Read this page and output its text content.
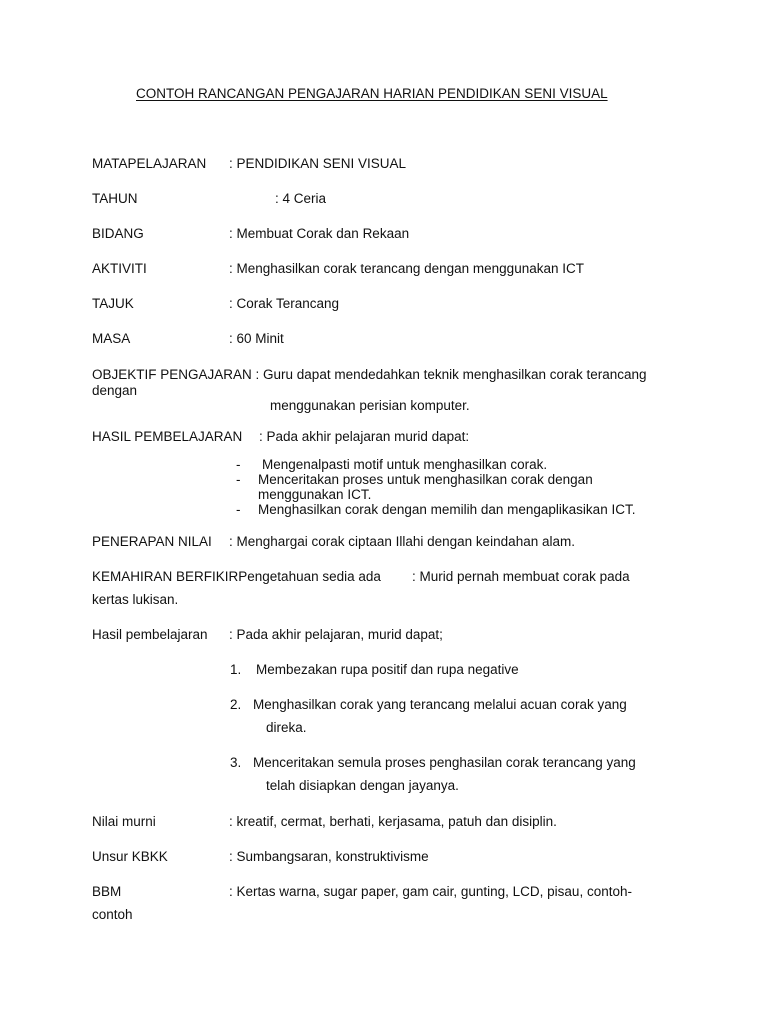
CONTOH RANCANGAN PENGAJARAN HARIAN PENDIDIKAN SENI VISUAL
MATAPELAJARAN : PENDIDIKAN SENI VISUAL
TAHUN	: 4 Ceria
BIDANG	: Membuat Corak dan Rekaan
AKTIVITI	: Menghasilkan corak terancang dengan menggunakan ICT
TAJUK	: Corak Terancang
MASA	: 60 Minit
OBJEKTIF PENGAJARAN : Guru dapat mendedahkan teknik menghasilkan corak terancang
dengan
menggunakan perisian komputer.
HASIL PEMBELAJARAN : Pada akhir pelajaran murid dapat:
- Mengenalpasti motif untuk menghasilkan corak.
- Menceritakan proses untuk menghasilkan corak dengan
menggunakan ICT.
- Menghasilkan corak dengan memilih dan mengaplikasikan ICT.
PENERAPAN NILAI : Menghargai corak ciptaan Illahi dengan keindahan alam.
KEMAHIRAN BERFIKIRPengetahuan sedia ada : Murid pernah membuat corak pada
kertas lukisan.
Hasil pembelajaran : Pada akhir pelajaran, murid dapat;
1. Membezakan rupa positif dan rupa negative
2. Menghasilkan corak yang terancang melalui acuan corak yang
direka.
3. Menceritakan semula proses penghasilan corak terancang yang
telah disiapkan dengan jayanya.
Nilai murni	: kreatif, cermat, berhati, kerjasama, patuh dan disiplin.
Unsur KBKK	: Sumbangsaran, konstruktivisme
BBM	: Kertas warna, sugar paper, gam cair, gunting, LCD, pisau, contoh-
contoh
